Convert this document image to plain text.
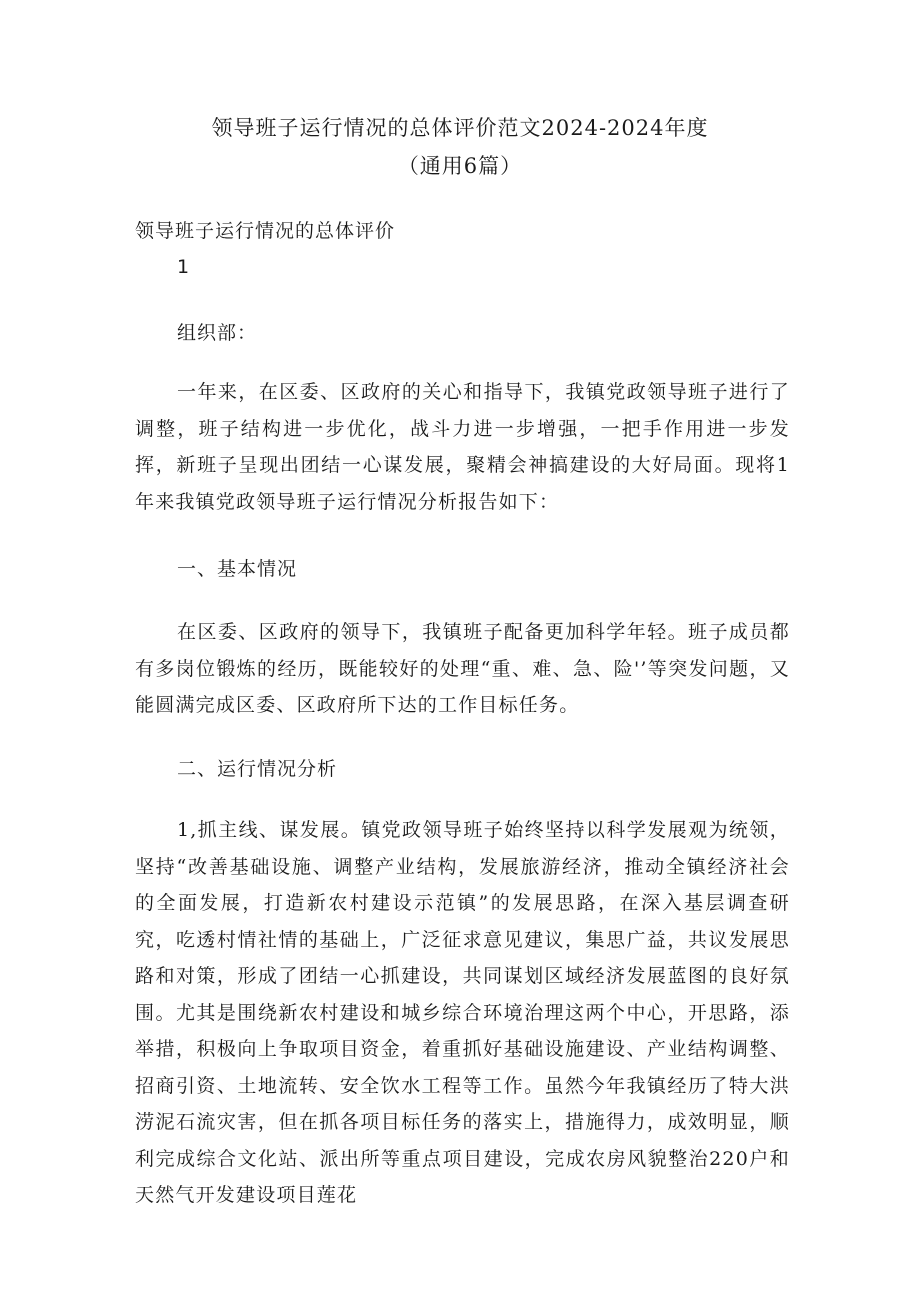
领导班子运行情况的总体评价范文2024-2024年度
（通用6篇）

领导班子运行情况的总体评价

1

组织部：

一年来，在区委、区政府的关心和指导下，我镇党政领导班子进行了调整，班子结构进一步优化，战斗力进一步增强，一把手作用进一步发挥，新班子呈现出团结一心谋发展，聚精会神搞建设的大好局面。现将1年来我镇党政领导班子运行情况分析报告如下：

一、基本情况

在区委、区政府的领导下，我镇班子配备更加科学年轻。班子成员都有多岗位锻炼的经历，既能较好的处理“重、难、急、险'’等突发问题，又能圆满完成区委、区政府所下达的工作目标任务。

二、运行情况分析

1,抓主线、谋发展。镇党政领导班子始终坚持以科学发展观为统领，坚持“改善基础设施、调整产业结构，发展旅游经济，推动全镇经济社会的全面发展，打造新农村建设示范镇”的发展思路，在深入基层调查研究，吃透村情社情的基础上，广泛征求意见建议，集思广益，共议发展思路和对策，形成了团结一心抓建设，共同谋划区域经济发展蓝图的良好氛围。尤其是围绕新农村建设和城乡综合环境治理这两个中心，开思路，添举措，积极向上争取项目资金，着重抓好基础设施建设、产业结构调整、招商引资、土地流转、安全饮水工程等工作。虽然今年我镇经历了特大洪涝泥石流灾害，但在抓各项目标任务的落实上，措施得力，成效明显，顺利完成综合文化站、派出所等重点项目建设，完成农房风貌整治220户和天然气开发建设项目莲花
